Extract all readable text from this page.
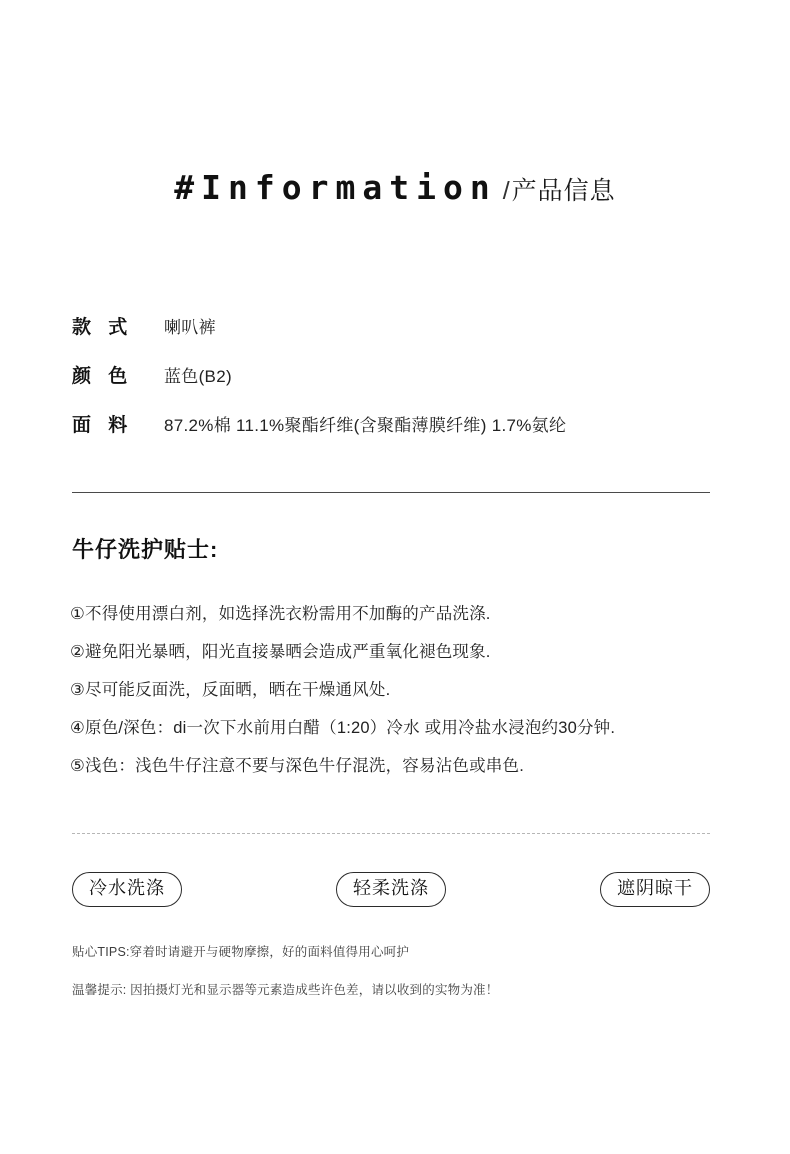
#Information /产品信息
款 式	喇叭裤
颜 色	蓝色(B2)
面 料	87.2%棉 11.1%聚酯纤维(含聚酯薄膜纤维) 1.7%氨纶
牛仔洗护贴士:
①不得使用漂白剂，如选择洗衣粉需用不加酶的产品洗涤.
②避免阳光暴晒，阳光直接暴晒会造成严重氧化褪色现象.
③尽可能反面洗，反面晒，晒在干燥通风处.
④原色/深色：di一次下水前用白醋（1:20）冷水 或用冷盐水浸泡约30分钟.
⑤浅色：浅色牛仔注意不要与深色牛仔混洗，容易沾色或串色.
冷水洗涤	轻柔洗涤	遮阴晾干
贴心TIPS:穿着时请避开与硬物摩擦，好的面料值得用心呵护
温馨提示: 因拍摄灯光和显示器等元素造成些许色差，请以收到的实物为准！
